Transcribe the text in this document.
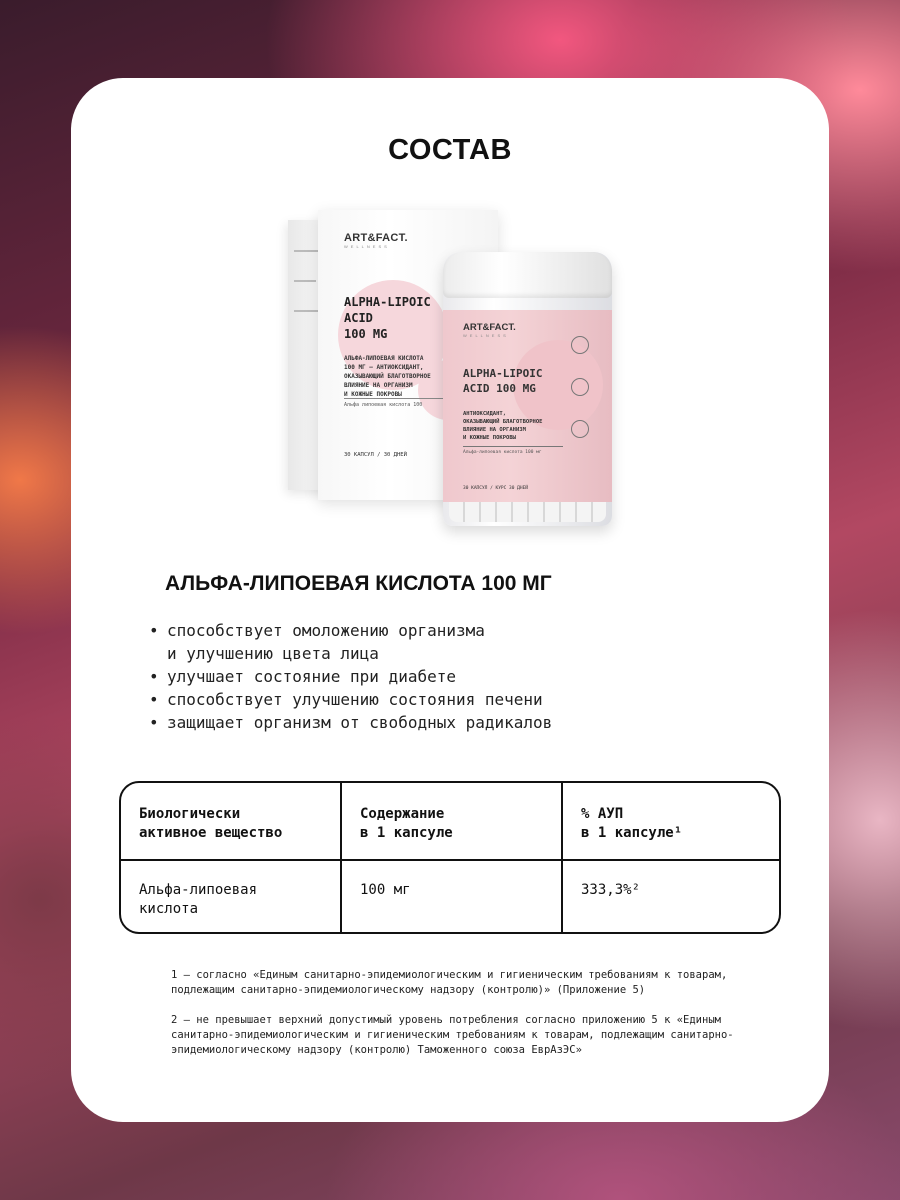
СОСТАВ
ART&FACT.
WELLNESS
ALPHA-LIPOIC
ACID
100 MG
АЛЬФА-ЛИПОЕВАЯ КИСЛОТА
100 МГ — АНТИОКСИДАНТ,
ОКАЗЫВАЮЩИЙ БЛАГОТВОРНОЕ
ВЛИЯНИЕ НА ОРГАНИЗМ
И КОЖНЫЕ ПОКРОВЫ
Альфа липоевая кислота 100
30 КАПСУЛ / 30 ДНЕЙ
ART&FACT.
WELLNESS
ALPHA-LIPOIC
ACID 100 MG
АНТИОКСИДАНТ,
ОКАЗЫВАЮЩИЙ БЛАГОТВОРНОЕ
ВЛИЯНИЕ НА ОРГАНИЗМ
И КОЖНЫЕ ПОКРОВЫ
Альфа-липоевая кислота 100 мг
30 КАПСУЛ / КУРС 30 ДНЕЙ
АЛЬФА-ЛИПОЕВАЯ КИСЛОТА 100 МГ
• способствует омоложению организма
и улучшению цвета лица
• улучшает состояние при диабете
• способствует улучшению состояния печени
• защищает организм от свободных радикалов
Биологически
активное вещество
Содержание
в 1 капсуле
% АУП
в 1 капсуле¹
Альфа-липоевая
кислота
100 мг	333,3%²

1 — согласно «Единым санитарно-эпидемиологическим и гигиеническим требованиям к товарам, подлежащим санитарно-эпидемиологическому надзору (контролю)» (Приложение 5)

2 — не превышает верхний допустимый уровень потребления согласно приложению 5 к «Единым санитарно-эпидемиологическим и гигиеническим требованиям к товарам, подлежащим санитарно-эпидемиологическому надзору (контролю) Таможенного союза ЕврАзЭС»
